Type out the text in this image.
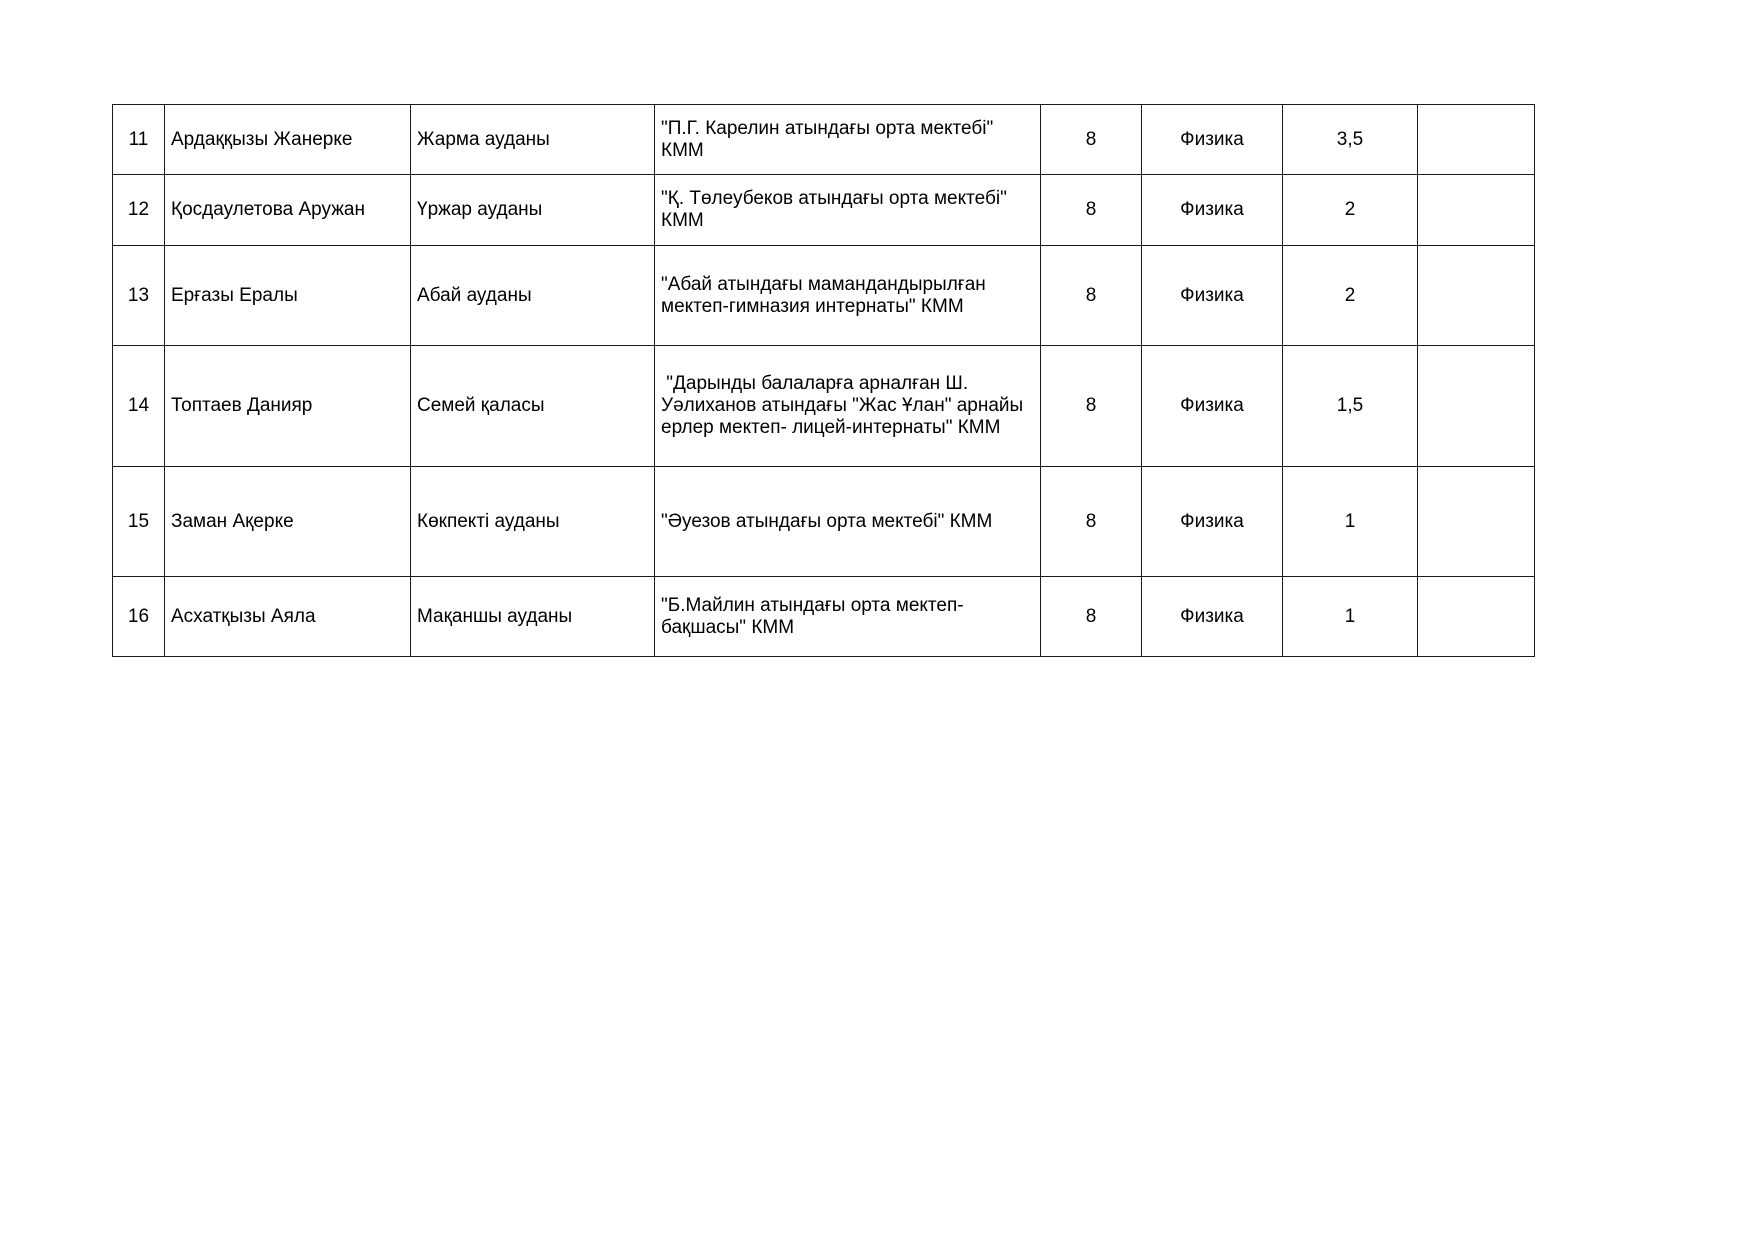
11	Ардаққызы Жанерке	Жарма ауданы	"П.Г. Карелин атындағы орта мектебі" КММ	8	Физика	3,5	
12	Қосдаулетова Аружан	Үржар ауданы	"Қ. Төлеубеков атындағы орта мектебі" КММ	8	Физика	2	
13	Ерғазы Ералы	Абай ауданы	"Абай атындағы мамандандырылған мектеп-гимназия интернаты" КММ	8	Физика	2	
14	Топтаев Данияр	Семей қаласы	"Дарынды балаларға арналған Ш. Уәлиханов атындағы "Жас Ұлан" арнайы ерлер мектеп- лицей-интернаты" КММ	8	Физика	1,5	
15	Заман Ақерке	Көкпекті ауданы	"Әуезов атындағы орта мектебі" КММ	8	Физика	1	
16	Асхатқызы Аяла	Мақаншы ауданы	"Б.Майлин атындағы орта мектеп-бақшасы" КММ	8	Физика	1	
